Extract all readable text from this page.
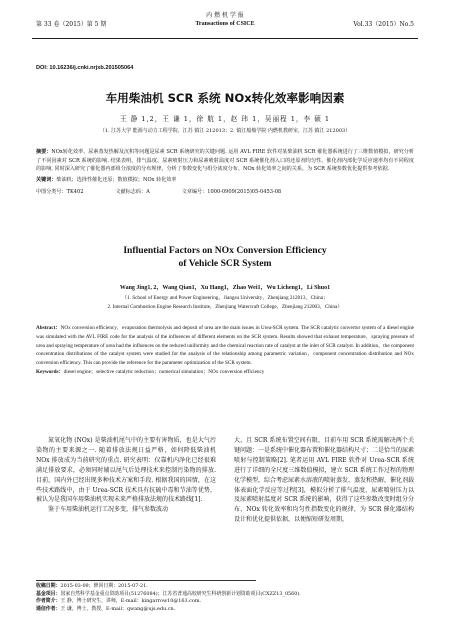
第 33 卷（2015）第 5 期
内 燃 机 学 报
Transactions of CSICE	Vol.33（2015）No.5
DOI: 10.16236/j.cnki.nrjxb.201505064
车用柴油机 SCR 系统 NOx转化效率影响因素
王 静 1,2，王 谦 1，徐 航 1，赵 玮 1，吴丽程 1，李 硕 1
（1. 江苏大学 能源与动力工程学院，江苏 镇江 212013；2. 镇江船舶学院 内燃机教研室，江苏 镇江 212003）
摘要：NOx转化效率、尿素蒸发热解及沉积等问题是尿素 SCR 系统研究的关键问题. 运用 AVL FIRE 软件对某柴油机 SCR 催化器系统进行了三维数值模拟，研究分析了不同因素对 SCR 系统的影响. 结果表明，排气温度、尿素喷射压力和尿素喷射温度对 SCR 系统催化剂入口的还原剂均匀性、催化剂内部化学反应速率均有不同程度的影响. 同时深入研究了催化器内部组分浓度的分布规律，分析了参数变化与组分浓度分布、NOx 转化效率之间的关系，为 SCR 系统参数优化提供参考依据.
关键词：柴油机；选择性催化还原；数值模拟；NOx 转化效率
中图分类号：TK402	文献标志码：A	文章编号：1000-0909(2015)05-0453-08
Influential Factors on NOx Conversion Efficiency
of Vehicle SCR System
Wang Jing1, 2，Wang Qian1，Xu Hang1，Zhao Wei1，Wu Licheng1，Li Shuo1
（1. School of Energy and Power Engineering，Jiangsu University，Zhenjiang 212013，China；
2. Internal Combustion Engine Research Institute，Zhenjiang Watercraft College，Zhenjiang 212003，China）
Abstract：NOx conversion efficiency，evaporation thermolysis and deposit of urea are the main issues in Urea-SCR system. The SCR catalytic convertor system of a diesel engine was simulated with the AVL FIRE code for the analysis of the influences of different elements on the SCR system. Results showed that exhaust temperature，spraying pressure of urea and spraying temperature of urea had the influences on the reduced uniformity and the chemical reaction rate of catalyst at the inlet of SCR catalyst. In addition，the component concentration distributions of the catalyst system were studied for the analysis of the relationship among parametric variation，component concentration distribution and NOx conversion efficiency. This can provide the reference for the parameter optimization of the SCR system.
Keywords：diesel engine；selective catalytic reduction；numerical simulation；NOx conversion efficiency

氮氧化物 (NOx) 是柴油机尾气中的主要有害物质，也是大气污染物的主要来源之一. 随着排放法规日益严格，如何降低柴油机 NOx 排放成为当前研究的重点. 研究表明：仅靠机内净化已经很难满足排放要求，必须同时辅以尾气后处理技术来控制污染物的排放. 目前，国内外已经出现多种技术方案和手段. 根据我国的国情，在这些技术路线中，由于 Urea-SCR 技术具有抗硫中毒和节油等优势，被认为是我国车用柴油机实现未来严格排放法规的技术路线[1].

鉴于车用柴油机运行工况多变，排气参数波动

大，且 SCR 系统布置空间有限，目前车用 SCR 系统需解决两个关键问题：一是系统中催化器布置和催化器结构尺寸；二是恰当的尿素喷射与控制策略[2]. 笔者运用 AVL FIRE 软件对 Urea-SCR 系统进行了详细的全尺度三维数值模拟，建立 SCR 系统工作过程的物理化学模型，综合考虑尿素水溶液的喷射蒸发、蒸发和热解，催化剂载体表面化学反应等过程[3]，模拟分析了排气温度、尿素喷射压力以及尿素喷射温度对 SCR 系统的影响，获得了这些参数改变时组分分布、NOx 转化效率和均匀性指数变化的规律，为 SCR 催化器结构设计和优化提供依据，以便缩短研发周期，

收稿日期：2015-03-09；修回日期：2015-07-21.
基金项目：国家自然科学基金重点资助项目(51276084)；江苏省普通高校研究生科研创新计划资助项目(CXZZ13_0560).
作者简介：王 静，博士研究生，讲师，E-mail：kingarrow10@163.com.
通信作者：王 谦，博士，教授，E-mail：qwang@ujs.edu.cn.
